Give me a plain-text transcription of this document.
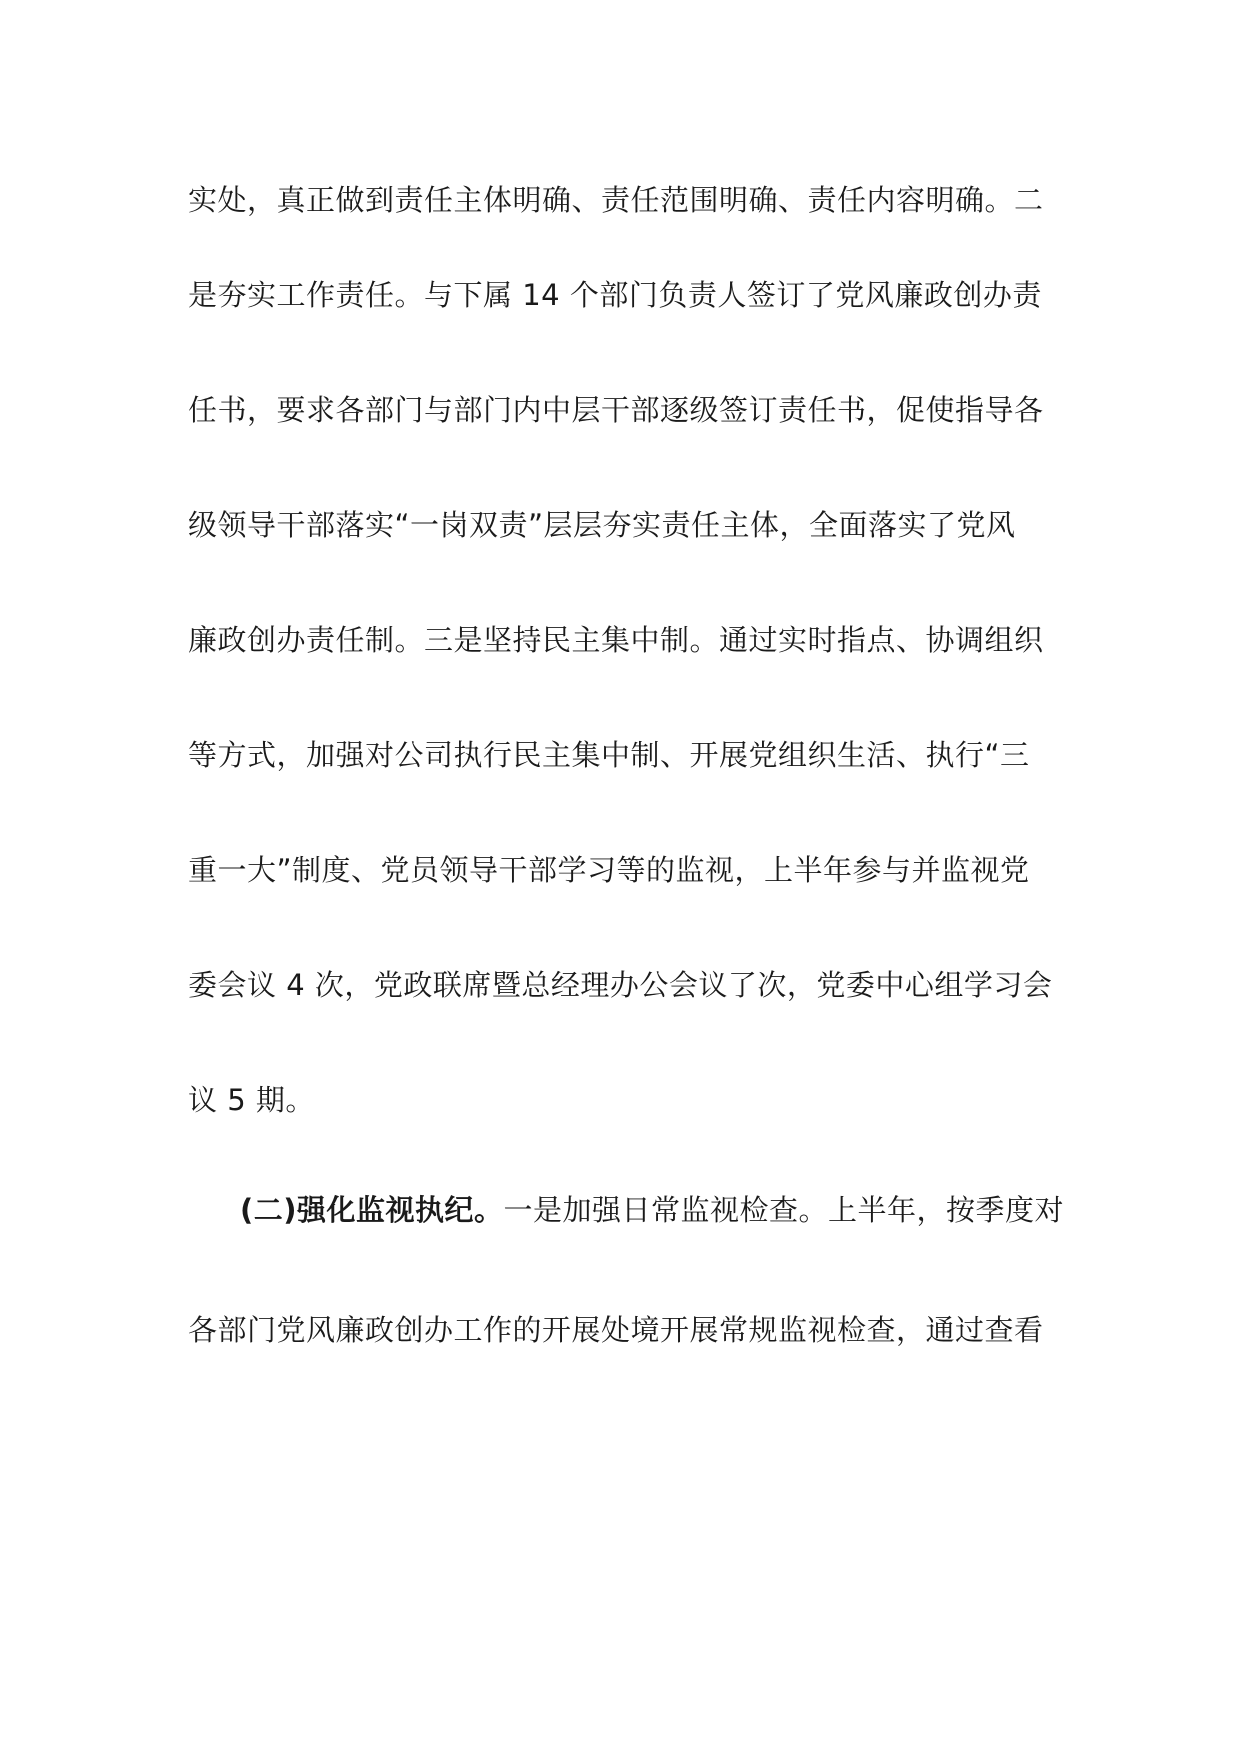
实处，真正做到责任主体明确、责任范围明确、责任内容明确。二
是夯实工作责任。与下属 14 个部门负责人签订了党风廉政创办责
任书，要求各部门与部门内中层干部逐级签订责任书，促使指导各
级领导干部落实“一岗双责”层层夯实责任主体，全面落实了党风
廉政创办责任制。三是坚持民主集中制。通过实时指点、协调组织
等方式，加强对公司执行民主集中制、开展党组织生活、执行“三
重一大”制度、党员领导干部学习等的监视，上半年参与并监视党
委会议 4 次，党政联席暨总经理办公会议了次，党委中心组学习会
议 5 期。
(二)强化监视执纪。一是加强日常监视检查。上半年，按季度对
各部门党风廉政创办工作的开展处境开展常规监视检查，通过查看
